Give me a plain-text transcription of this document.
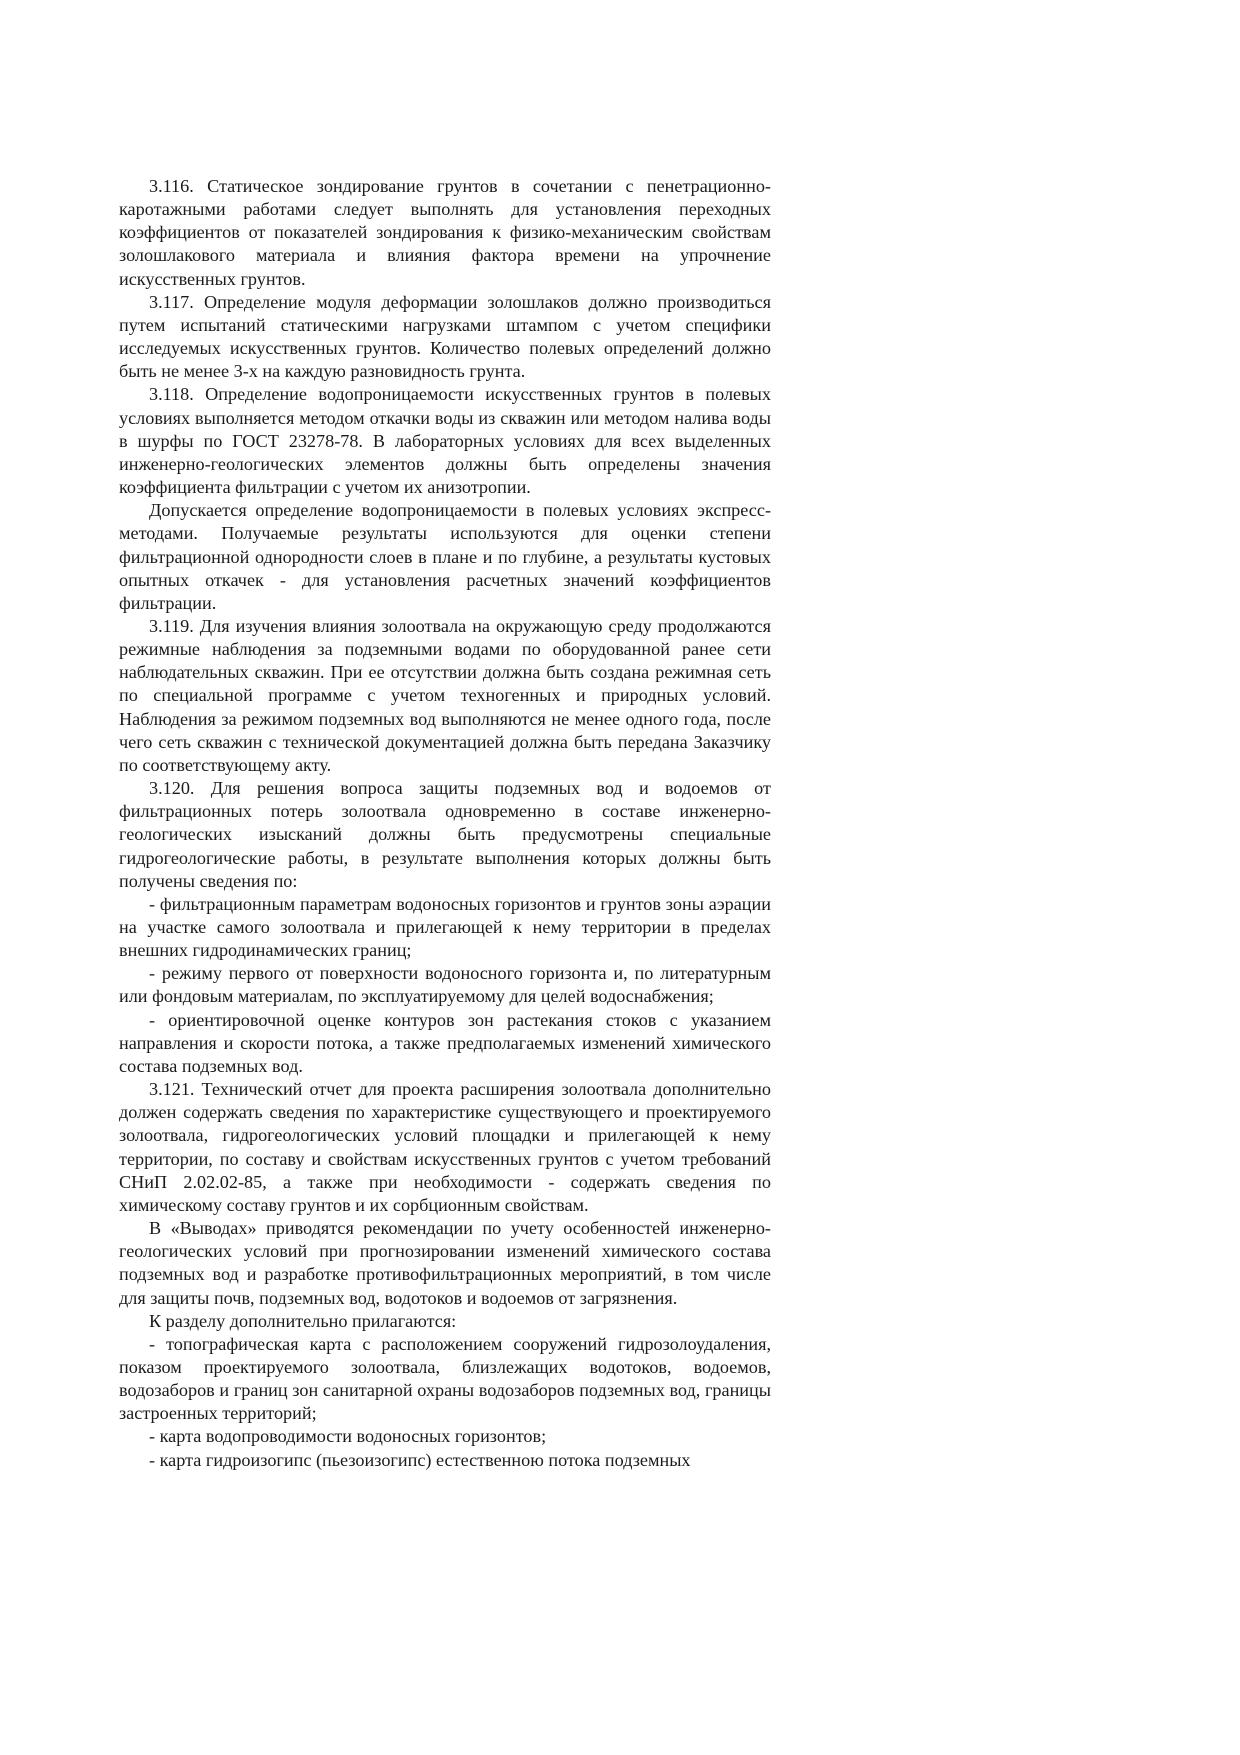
3.116. Статическое зондирование грунтов в сочетании с пенетрационно-каротажными работами следует выполнять для установления переходных коэффициентов от показателей зондирования к физико-механическим свойствам золошлакового материала и влияния фактора времени на упрочнение искусственных грунтов.

3.117. Определение модуля деформации золошлаков должно производиться путем испытаний статическими нагрузками штампом с учетом специфики исследуемых искусственных грунтов. Количество полевых определений должно быть не менее 3-х на каждую разновидность грунта.

3.118. Определение водопроницаемости искусственных грунтов в полевых условиях выполняется методом откачки воды из скважин или методом налива воды в шурфы по ГОСТ 23278-78. В лабораторных условиях для всех выделенных инженерно-геологических элементов должны быть определены значения коэффициента фильтрации с учетом их анизотропии.

Допускается определение водопроницаемости в полевых условиях экспресс-методами. Получаемые результаты используются для оценки степени фильтрационной однородности слоев в плане и по глубине, а результаты кустовых опытных откачек - для установления расчетных значений коэффициентов фильтрации.

3.119. Для изучения влияния золоотвала на окружающую среду продолжаются режимные наблюдения за подземными водами по оборудованной ранее сети наблюдательных скважин. При ее отсутствии должна быть создана режимная сеть по специальной программе с учетом техногенных и природных условий. Наблюдения за режимом подземных вод выполняются не менее одного года, после чего сеть скважин с технической документацией должна быть передана Заказчику по соответствующему акту.

3.120. Для решения вопроса защиты подземных вод и водоемов от фильтрационных потерь золоотвала одновременно в составе инженерно-геологических изысканий должны быть предусмотрены специальные гидрогеологические работы, в результате выполнения которых должны быть получены сведения по:

- фильтрационным параметрам водоносных горизонтов и грунтов зоны аэрации на участке самого золоотвала и прилегающей к нему территории в пределах внешних гидродинамических границ;

- режиму первого от поверхности водоносного горизонта и, по литературным или фондовым материалам, по эксплуатируемому для целей водоснабжения;

- ориентировочной оценке контуров зон растекания стоков с указанием направления и скорости потока, а также предполагаемых изменений химического состава подземных вод.

3.121. Технический отчет для проекта расширения золоотвала дополнительно должен содержать сведения по характеристике существующего и проектируемого золоотвала, гидрогеологических условий площадки и прилегающей к нему территории, по составу и свойствам искусственных грунтов с учетом требований СНиП 2.02.02-85, а также при необходимости - содержать сведения по химическому составу грунтов и их сорбционным свойствам.

В «Выводах» приводятся рекомендации по учету особенностей инженерно-геологических условий при прогнозировании изменений химического состава подземных вод и разработке противофильтрационных мероприятий, в том числе для защиты почв, подземных вод, водотоков и водоемов от загрязнения.

К разделу дополнительно прилагаются:

- топографическая карта с расположением сооружений гидрозолоудаления, показом проектируемого золоотвала, близлежащих водотоков, водоемов, водозаборов и границ зон санитарной охраны водозаборов подземных вод, границы застроенных территорий;

- карта водопроводимости водоносных горизонтов;

- карта гидроизогипс (пьезоизогипс) естественною потока подземных
